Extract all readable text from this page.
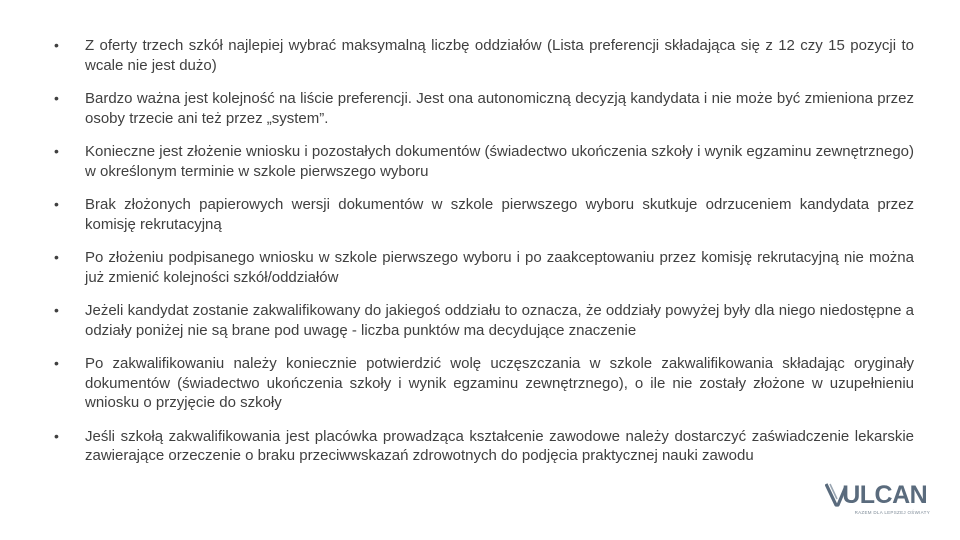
•	Z oferty trzech szkół najlepiej wybrać maksymalną liczbę oddziałów (Lista preferencji składająca się z 12 czy 15 pozycji to wcale nie jest dużo)
•	Bardzo ważna jest kolejność na liście preferencji. Jest ona autonomiczną decyzją kandydata i nie może być zmieniona przez osoby trzecie ani też przez „system”.
•	Konieczne jest złożenie wniosku i pozostałych dokumentów (świadectwo ukończenia szkoły i wynik egzaminu zewnętrznego) w określonym terminie w szkole pierwszego wyboru
•	Brak złożonych papierowych wersji dokumentów w szkole pierwszego wyboru skutkuje odrzuceniem kandydata przez komisję rekrutacyjną
•	Po złożeniu podpisanego wniosku w szkole pierwszego wyboru i po zaakceptowaniu przez komisję rekrutacyjną nie można już zmienić kolejności szkół/oddziałów
•	Jeżeli kandydat zostanie zakwalifikowany do jakiegoś oddziału to oznacza, że oddziały powyżej były dla niego niedostępne a odziały poniżej nie są brane pod uwagę - liczba punktów ma decydujące znaczenie
•	Po zakwalifikowaniu należy koniecznie potwierdzić wolę uczęszczania w szkole zakwalifikowania składając oryginały dokumentów (świadectwo ukończenia szkoły i wynik egzaminu zewnętrznego), o ile nie zostały złożone w uzupełnieniu wniosku o przyjęcie do szkoły
•	Jeśli szkołą zakwalifikowania jest placówka prowadząca kształcenie zawodowe należy dostarczyć zaświadczenie lekarskie zawierające orzeczenie o braku przeciwwskazań zdrowotnych do podjęcia praktycznej nauki zawodu
ULCAN
RAZEM DLA LEPSZEJ OŚWIATY
